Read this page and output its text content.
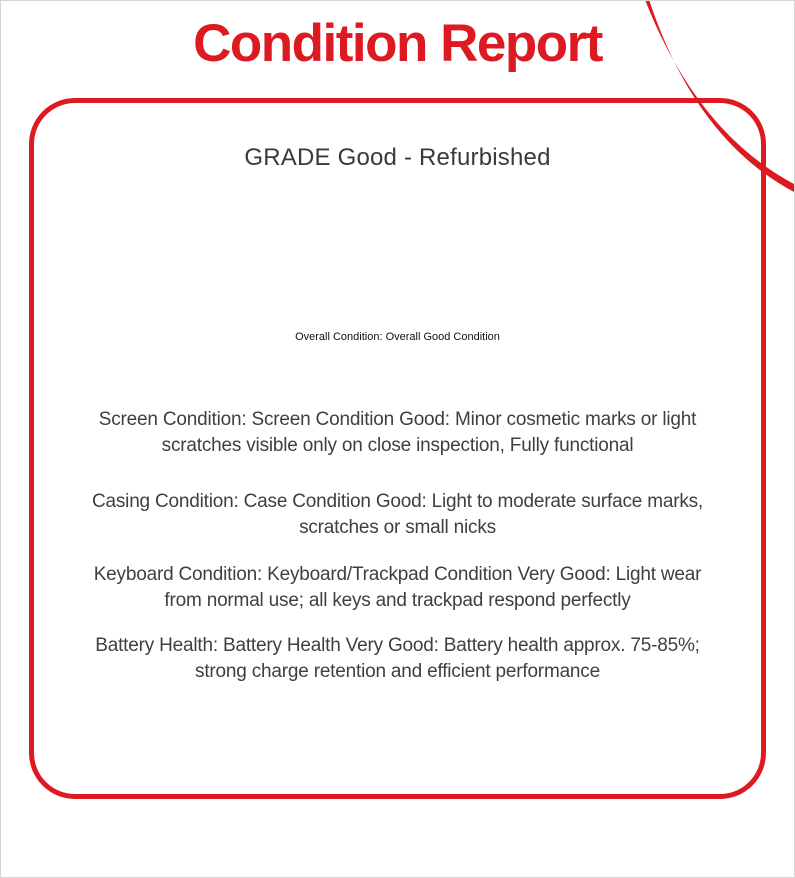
Condition Report
GRADE Good - Refurbished
Overall Condition: Overall Good Condition
Screen Condition: Screen Condition Good: Minor cosmetic marks or light
scratches visible only on close inspection, Fully functional
Casing Condition: Case Condition Good: Light to moderate surface marks,
scratches or small nicks
Keyboard Condition: Keyboard/Trackpad Condition Very Good: Light wear
from normal use; all keys and trackpad respond perfectly
Battery Health: Battery Health Very Good: Battery health approx. 75-85%;
strong charge retention and efficient performance
